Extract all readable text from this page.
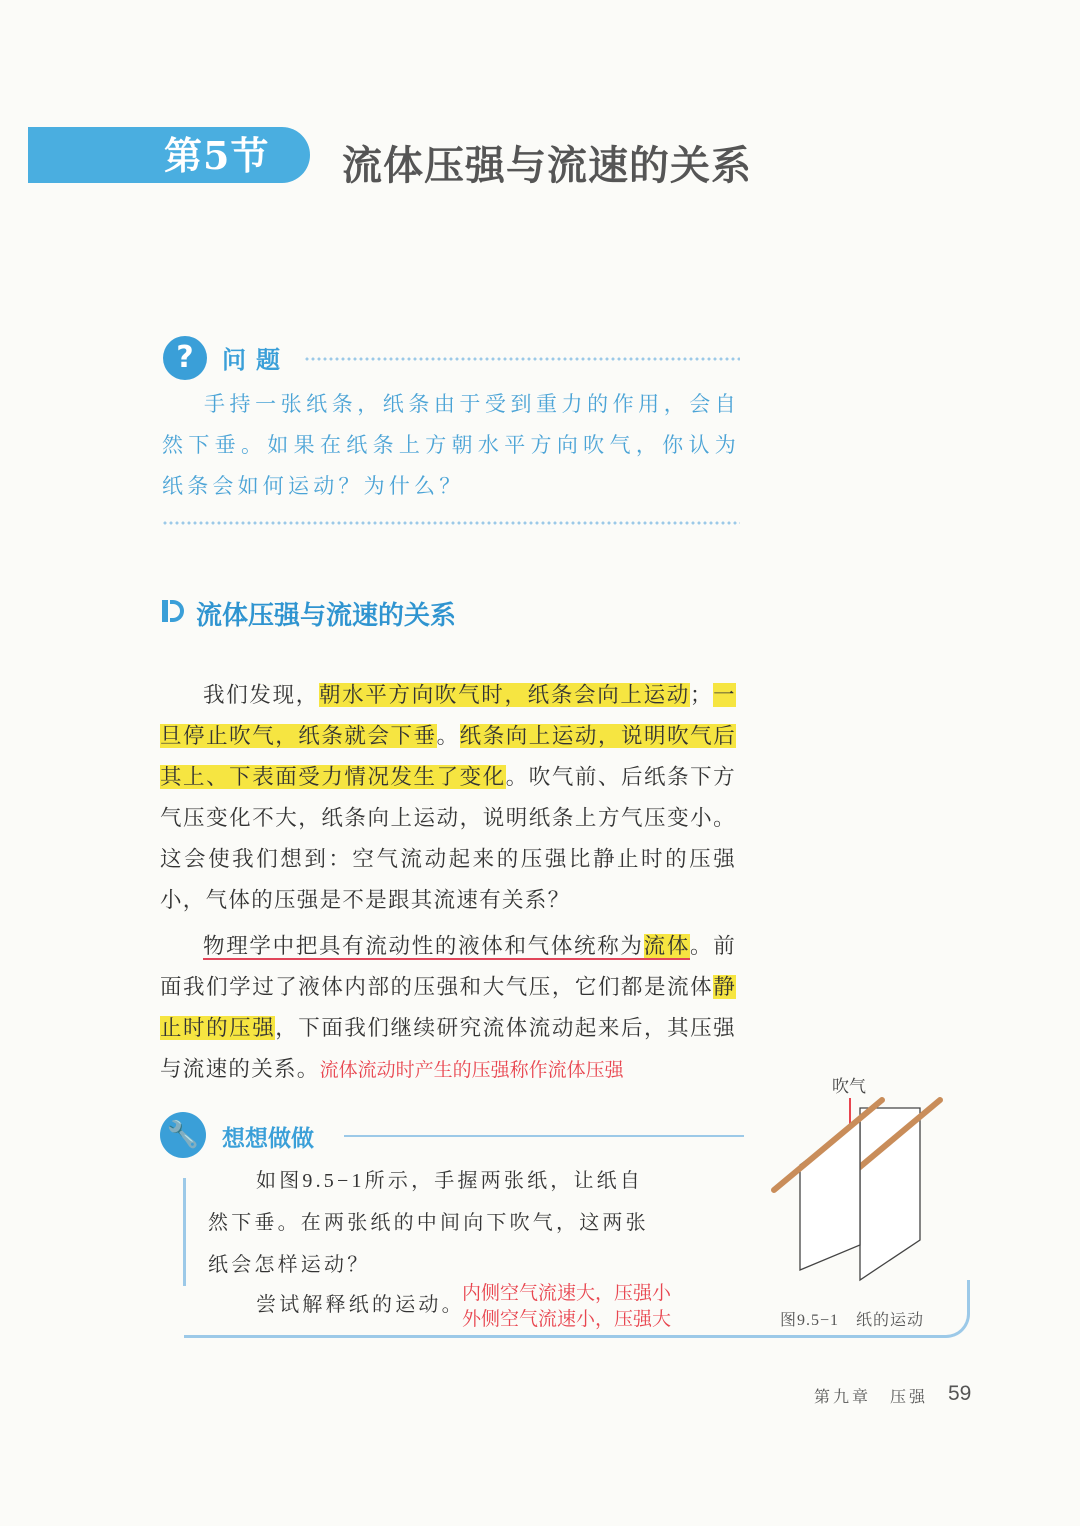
第5节 流体压强与流速的关系
?	问题
手持一张纸条，纸条由于受到重力的作用，会自然下垂。如果在纸条上方朝水平方向吹气，你认为纸条会如何运动？为什么？
流体压强与流速的关系
我们发现，朝水平方向吹气时，纸条会向上运动；一旦停止吹气，纸条就会下垂。纸条向上运动，说明吹气后其上、下表面受力情况发生了变化。吹气前、后纸条下方气压变化不大，纸条向上运动，说明纸条上方气压变小。这会使我们想到：空气流动起来的压强比静止时的压强小，气体的压强是不是跟其流速有关系？
物理学中把具有流动性的液体和气体统称为流体。前面我们学过了液体内部的压强和大气压，它们都是流体静止时的压强，下面我们继续研究流体流动起来后，其压强与流速的关系。流体流动时产生的压强称作流体压强
🔧 想想做做
如图9.5−1所示，手握两张纸，让纸自然下垂。在两张纸的中间向下吹气，这两张纸会怎样运动？
尝试解释纸的运动。
内侧空气流速大，压强小
外侧空气流速小，压强大
吹气
图9.5−1　纸的运动
第九章　压强 59
